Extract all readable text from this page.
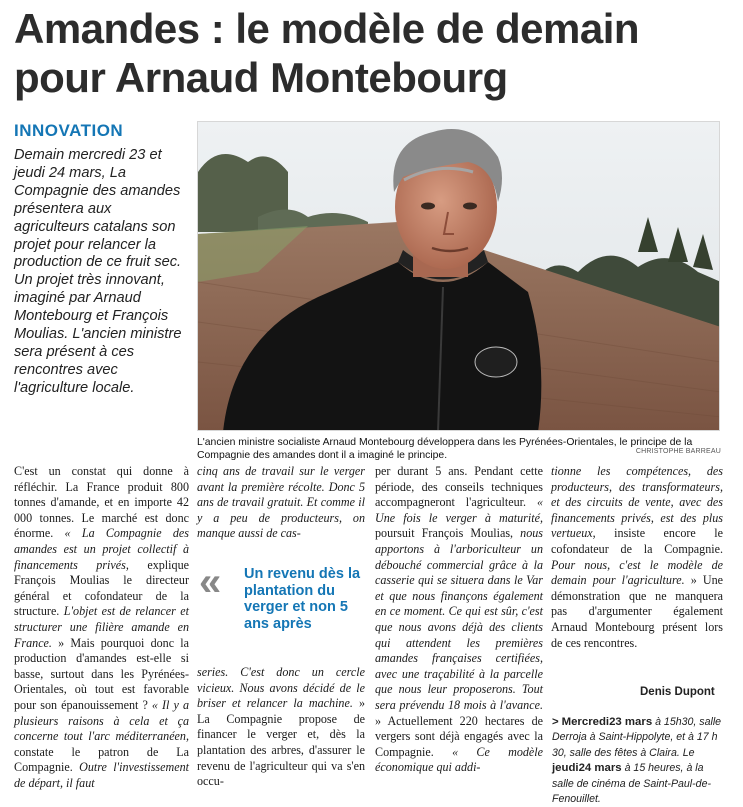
Amandes : le modèle de demain pour Arnaud Montebourg
INNOVATION

Demain mercredi 23 et jeudi 24 mars, La Compagnie des amandes présentera aux agriculteurs catalans son projet pour relancer la production de ce fruit sec. Un projet très innovant, imaginé par Arnaud Montebourg et François Moulias. L'ancien ministre sera présent à ces rencontres avec l'agriculture locale.

L'ancien ministre socialiste Arnaud Montebourg développera dans les Pyrénées-Orientales, le principe de la Compagnie des amandes dont il a imaginé le principe.	CHRISTOPHE BARREAU

C'est un constat qui donne à réfléchir. La France produit 800 tonnes d'amande, et en importe 42 000 tonnes. Le marché est donc énorme. « La Compagnie des amandes est un projet collectif à financements privés, explique François Moulias le directeur général et cofondateur de la structure. L'objet est de relancer et structurer une filière amande en France. » Mais pourquoi donc la production d'amandes est-elle si basse, surtout dans les Pyrénées-Orientales, où tout est favorable pour son épanouissement ? « Il y a plusieurs raisons à cela et ça concerne tout l'arc méditerranéen, constate le patron de La Compagnie. Outre l'investissement de départ, il faut

cinq ans de travail sur le verger avant la première récolte. Donc 5 ans de travail gratuit. Et comme il y a peu de producteurs, on manque aussi de cas-

« Un revenu dès la plantation du verger et non 5 ans après

series. C'est donc un cercle vicieux. Nous avons décidé de le briser et relancer la machine. » La Compagnie propose de financer le verger et, dès la plantation des arbres, d'assurer le revenu de l'agriculteur qui va s'en occu-

per durant 5 ans. Pendant cette période, des conseils techniques accompagneront l'agriculteur. « Une fois le verger à maturité, poursuit François Moulias, nous apportons à l'arboriculteur un débouché commercial grâce à la casserie qui se situera dans le Var et que nous finançons également en ce moment. Ce qui est sûr, c'est que nous avons déjà des clients qui attendent les premières amandes françaises certifiées, avec une traçabilité à la parcelle que nous leur proposerons. Tout sera prévendu 18 mois à l'avance. » Actuellement 220 hectares de vergers sont déjà engagés avec la Compagnie. « Ce modèle économique qui addi-

tionne les compétences, des producteurs, des transformateurs, et des circuits de vente, avec des financements privés, est des plus vertueux, insiste encore le cofondateur de la Compagnie. Pour nous, c'est le modèle de demain pour l'agriculture. » Une démonstration que ne manquera pas d'argumenter également Arnaud Montebourg présent lors de ces rencontres.

Denis Dupont

> Mercredi23 mars à 15h30, salle Derroja à Saint-Hippolyte, et à 17 h 30, salle des fêtes à Claira. Le jeudi24 mars à 15 heures, à la salle de cinéma de Saint-Paul-de-Fenouillet.
